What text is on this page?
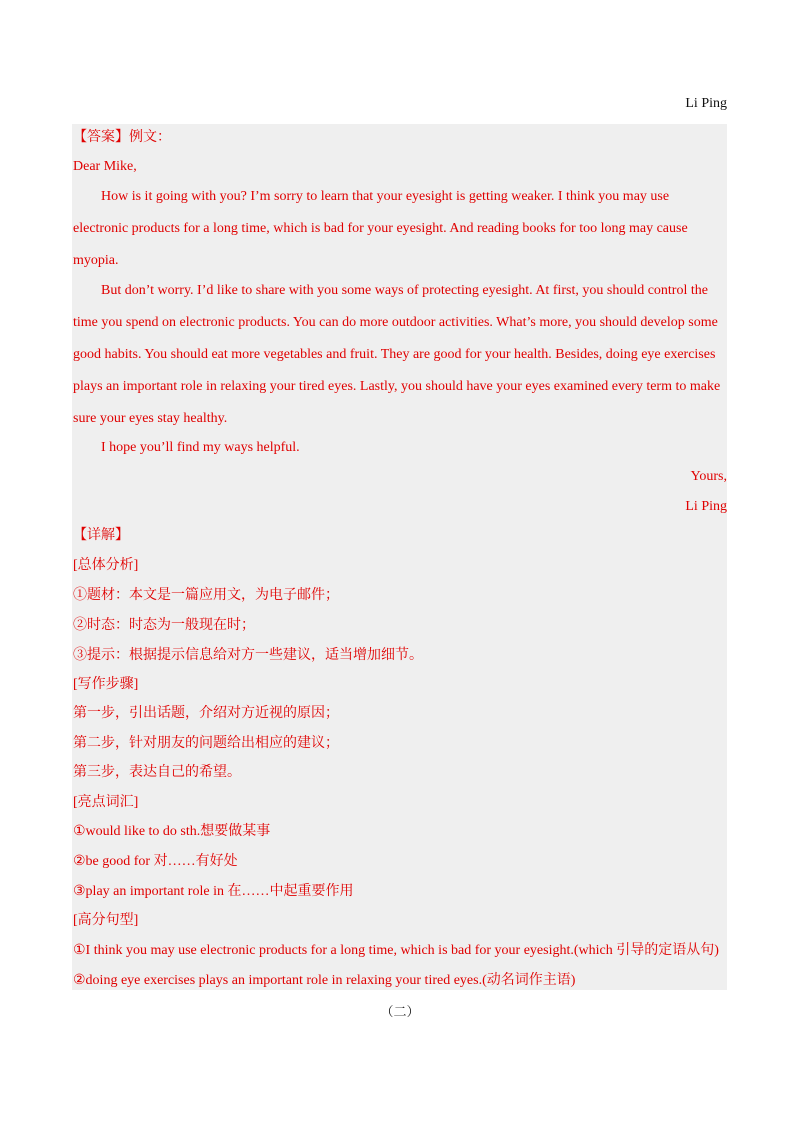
Li Ping
【答案】例文：
Dear Mike,
How is it going with you? I’m sorry to learn that your eyesight is getting weaker. I think you may use
electronic products for a long time, which is bad for your eyesight. And reading books for too long may cause
myopia.
But don’t worry. I’d like to share with you some ways of protecting eyesight. At first, you should control the
time you spend on electronic products. You can do more outdoor activities. What’s more, you should develop some
good habits. You should eat more vegetables and fruit. They are good for your health. Besides, doing eye exercises
plays an important role in relaxing your tired eyes. Lastly, you should have your eyes examined every term to make
sure your eyes stay healthy.
I hope you’ll find my ways helpful.
Yours,
Li Ping
【详解】
[总体分析]
①题材：本文是一篇应用文，为电子邮件；
②时态：时态为一般现在时；
③提示：根据提示信息给对方一些建议，适当增加细节。
[写作步骤]
第一步，引出话题，介绍对方近视的原因；
第二步，针对朋友的问题给出相应的建议；
第三步，表达自己的希望。
[亮点词汇]
①would like to do sth.想要做某事
②be good for 对……有好处
③play an important role in 在……中起重要作用
[高分句型]
①I think you may use electronic products for a long time, which is bad for your eyesight.(which 引导的定语从句)
②doing eye exercises plays an important role in relaxing your tired eyes.(动名词作主语)
（二）
